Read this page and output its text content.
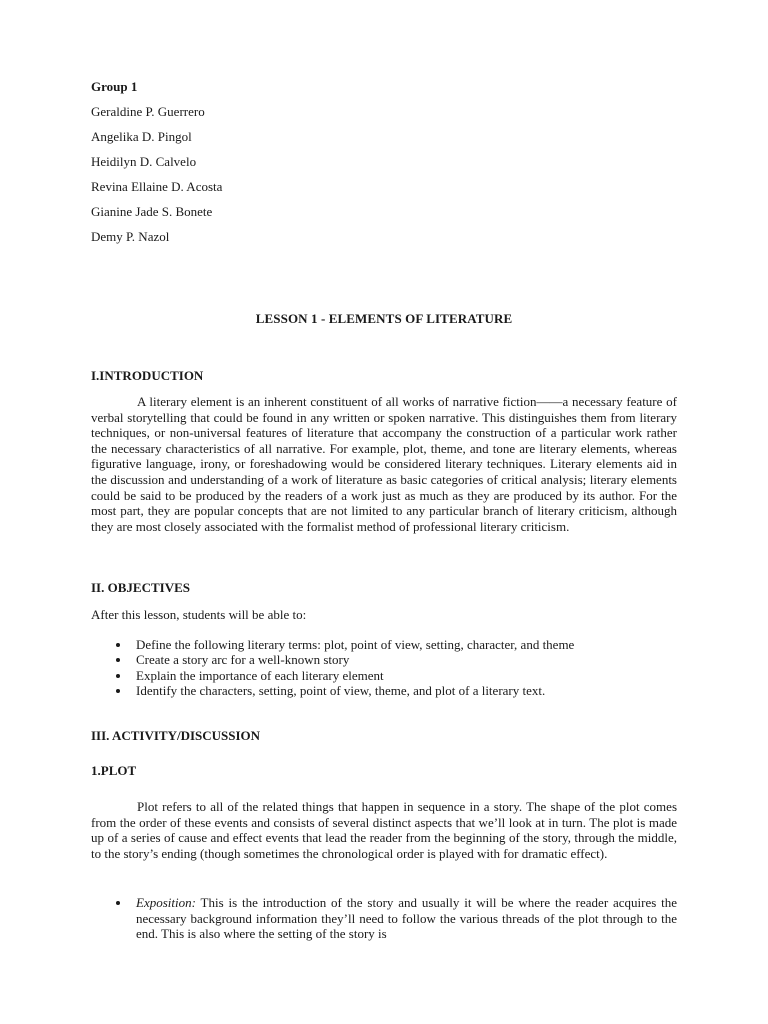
Group 1
Geraldine P. Guerrero
Angelika D. Pingol
Heidilyn D. Calvelo
Revina Ellaine D. Acosta
Gianine Jade S. Bonete
Demy P. Nazol
LESSON 1 - ELEMENTS OF LITERATURE
I.INTRODUCTION

A literary element is an inherent constituent of all works of narrative fiction——a necessary feature of verbal storytelling that could be found in any written or spoken narrative. This distinguishes them from literary techniques, or non-universal features of literature that accompany the construction of a particular work rather the necessary characteristics of all narrative. For example, plot, theme, and tone are literary elements, whereas figurative language, irony, or foreshadowing would be considered literary techniques. Literary elements aid in the discussion and understanding of a work of literature as basic categories of critical analysis; literary elements could be said to be produced by the readers of a work just as much as they are produced by its author. For the most part, they are popular concepts that are not limited to any particular branch of literary criticism, although they are most closely associated with the formalist method of professional literary criticism.

II. OBJECTIVES

After this lesson, students will be able to:

Define the following literary terms: plot, point of view, setting, character, and theme
Create a story arc for a well-known story
Explain the importance of each literary element
Identify the characters, setting, point of view, theme, and plot of a literary text.
III. ACTIVITY/DISCUSSION
1.PLOT

Plot refers to all of the related things that happen in sequence in a story. The shape of the plot comes from the order of these events and consists of several distinct aspects that we’ll look at in turn. The plot is made up of a series of cause and effect events that lead the reader from the beginning of the story, through the middle, to the story’s ending (though sometimes the chronological order is played with for dramatic effect).

Exposition: This is the introduction of the story and usually it will be where the reader acquires the necessary background information they’ll need to follow the various threads of the plot through to the end. This is also where the setting of the story is
